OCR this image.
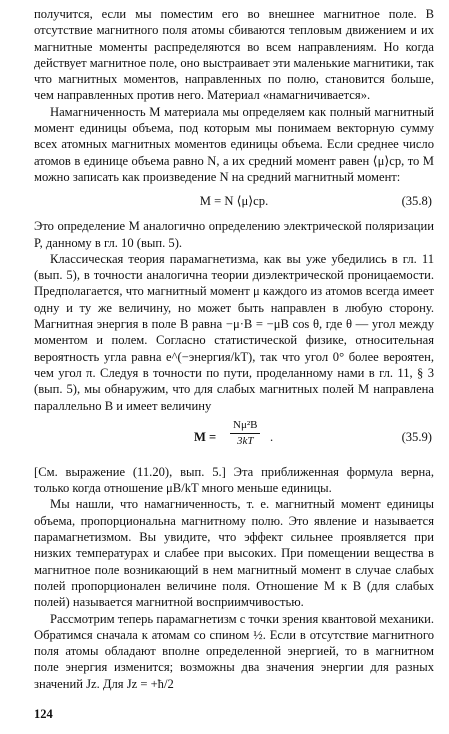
получится, если мы поместим его во внешнее магнитное поле. В отсутствие магнитного поля атомы сбиваются тепловым движением и их магнитные моменты распределяются во всем направлениям. Но когда действует магнитное поле, оно выстраивает эти маленькие магнитики, так что магнитных моментов, направленных по полю, становится больше, чем направленных против него. Материал «намагничивается».

Намагниченность M материала мы определяем как полный магнитный момент единицы объема, под которым мы понимаем векторную сумму всех атомных магнитных моментов единицы объема. Если среднее число атомов в единице объема равно N, а их средний момент равен ⟨μ⟩ср, то M можно записать как произведение N на средний магнитный момент:

M = N ⟨μ⟩ср.	(35.8)

Это определение M аналогично определению электрической поляризации P, данному в гл. 10 (вып. 5).

Классическая теория парамагнетизма, как вы уже убедились в гл. 11 (вып. 5), в точности аналогична теории диэлектрической проницаемости. Предполагается, что магнитный момент μ каждого из атомов всегда имеет одну и ту же величину, но может быть направлен в любую сторону. Магнитная энергия в поле B равна −μ·B = −μB cos θ, где θ — угол между моментом и полем. Согласно статистической физике, относительная вероятность угла равна e^(−энергия/kT), так что угол 0° более вероятен, чем угол π. Следуя в точности по пути, проделанному нами в гл. 11, § 3 (вып. 5), мы обнаружим, что для слабых магнитных полей M направлена параллельно B и имеет величину

$M = \frac{\text{Nμ²B}}{3kT}$ .	(35.9)

[См. выражение (11.20), вып. 5.] Эта приближенная формула верна, только когда отношение μB/kT много меньше единицы.

Мы нашли, что намагниченность, т. е. магнитный момент единицы объема, пропорциональна магнитному полю. Это явление и называется парамагнетизмом. Вы увидите, что эффект сильнее проявляется при низких температурах и слабее при высоких. При помещении вещества в магнитное поле возникающий в нем магнитный момент в случае слабых полей пропорционален величине поля. Отношение M к B (для слабых полей) называется магнитной восприимчивостью.

Рассмотрим теперь парамагнетизм с точки зрения квантовой механики. Обратимся сначала к атомам со спином ½. Если в отсутствие магнитного поля атомы обладают вполне определенной энергией, то в магнитном поле энергия изменится; возможны два значения энергии для разных значений Jz. Для Jz = +ħ/2

124
